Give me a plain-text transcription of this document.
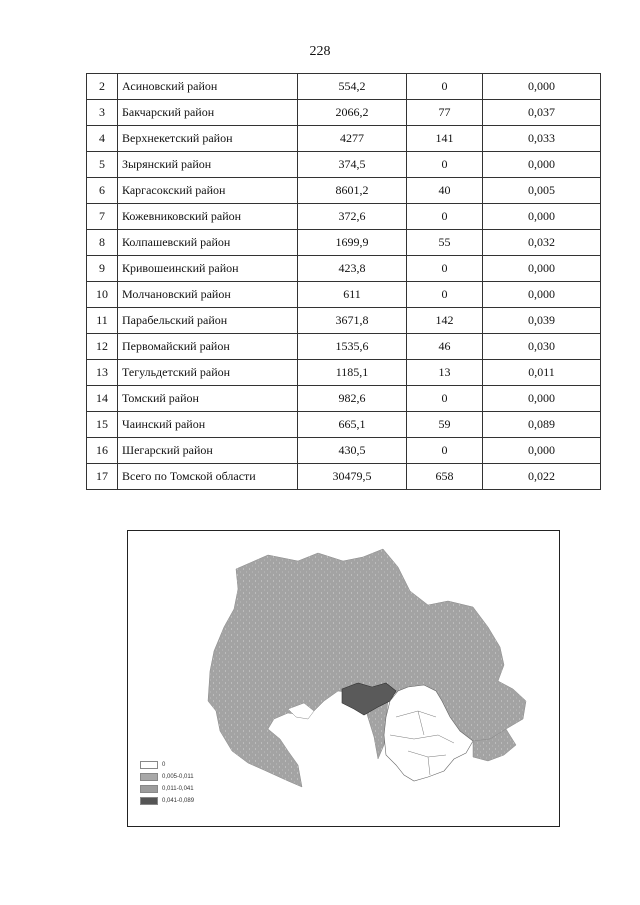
228
2	Асиновский район	554,2	0	0,000
3	Бакчарский район	2066,2	77	0,037
4	Верхнекетский район	4277	141	0,033
5	Зырянский район	374,5	0	0,000
6	Каргасокский район	8601,2	40	0,005
7	Кожевниковский район	372,6	0	0,000
8	Колпашевский район	1699,9	55	0,032
9	Кривошеинский район	423,8	0	0,000
10	Молчановский район	611	0	0,000
11	Парабельский район	3671,8	142	0,039
12	Первомайский район	1535,6	46	0,030
13	Тегульдетский район	1185,1	13	0,011
14	Томский район	982,6	0	0,000
15	Чаинский район	665,1	59	0,089
16	Шегарский район	430,5	0	0,000
17	Всего по Томской области	30479,5	658	0,022
0
0,005-0,011
0,011-0,041
0,041-0,089
